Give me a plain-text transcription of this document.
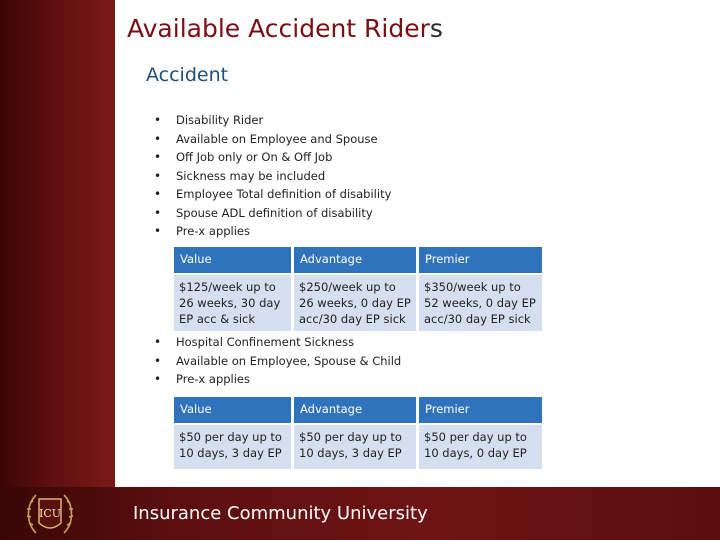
ICU
Available Accident Riders
Accident
• Disability Rider
• Available on Employee and Spouse
• Off Job only or On & Off Job
• Sickness may be included
• Employee Total definition of disability
• Spouse ADL definition of disability
• Pre-x applies
Value	Advantage	Premier
$125/week up to 26 weeks, 30 day EP acc & sick	$250/week up to 26 weeks, 0 day EP acc/30 day EP sick	$350/week up to 52 weeks, 0 day EP acc/30 day EP sick
• Hospital Confinement Sickness
• Available on Employee, Spouse & Child
• Pre-x applies
Value	Advantage	Premier
$50 per day up to 10 days, 3 day EP	$50 per day up to 10 days, 3 day EP	$50 per day up to 10 days, 0 day EP
Insurance Community University
